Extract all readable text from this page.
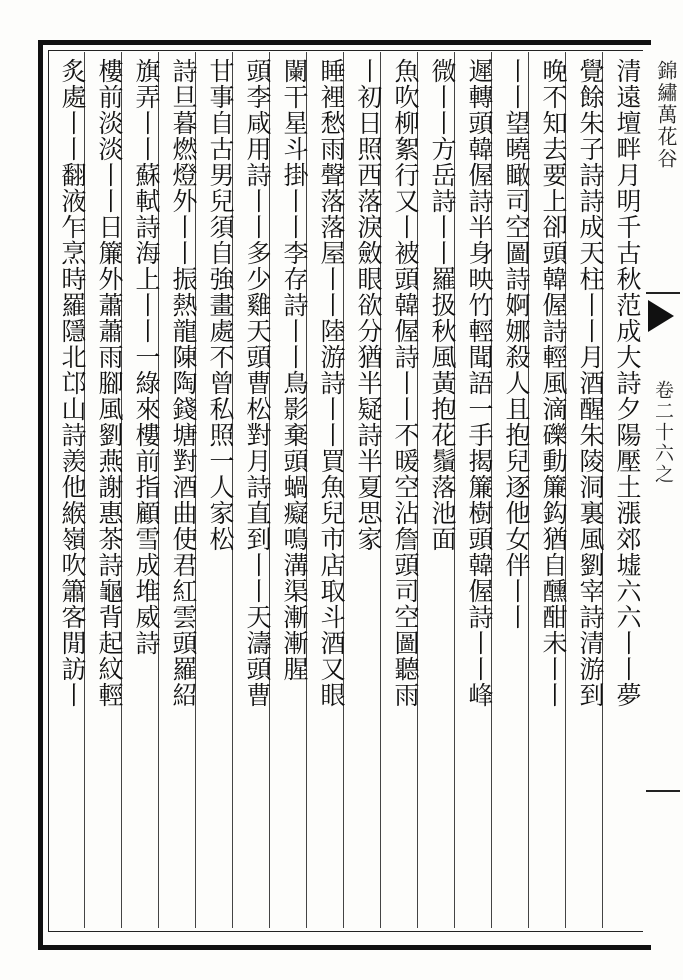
清遠壇畔月明千古秋范成大詩夕陽壓土漲郊墟六六丨丨夢
覺餘朱子詩詩成天柱丨丨月酒醒朱陵洞裏風劉宰詩清游到
晚不知去要上卻頭韓偓詩輕風滴礫動簾鈎猶自醺酣未丨丨
丨丨望曉瞰司空圖詩婀娜殺人且抱兒逐他女伴丨丨
遲轉頭韓偓詩半身映竹輕聞語一手揭簾樹頭韓偓詩丨丨峰
微丨丨方岳詩丨丨羅扱秋風黃抱花鬚落池面
魚吹柳絮行又丨被頭韓偓詩丨丨不暖空沾詹頭司空圖聽雨
丨初日照西落淚斂眼欲分猶半疑詩半夏思家
睡裡愁雨聲落落屋丨丨陸游詩丨丨買魚兒市店取斗酒又眼
闌干星斗掛丨丨李存詩丨丨鳥影棄頭蝸癡鳴溝渠漸漸腥
頭李咸用詩丨丨多少雞天頭曹松對月詩直到丨丨天濤頭曹
甘事自古男兒須自強畫處不曾私照一人家松
詩旦暮燃燈外丨丨振熱龍陳陶錢塘對酒曲使君紅雲頭羅紹
旗弄丨丨蘇軾詩海上丨丨一綠來樓前指顧雪成堆威詩
樓前淡淡丨丨日簾外蕭蕭雨腳風劉燕謝惠茶詩龜背起紋輕
炙處丨丨翻液乍烹時羅隱北邙山詩羨他緱嶺吹簫客閒訪丨	錦繡萬花谷
卷二十六之
